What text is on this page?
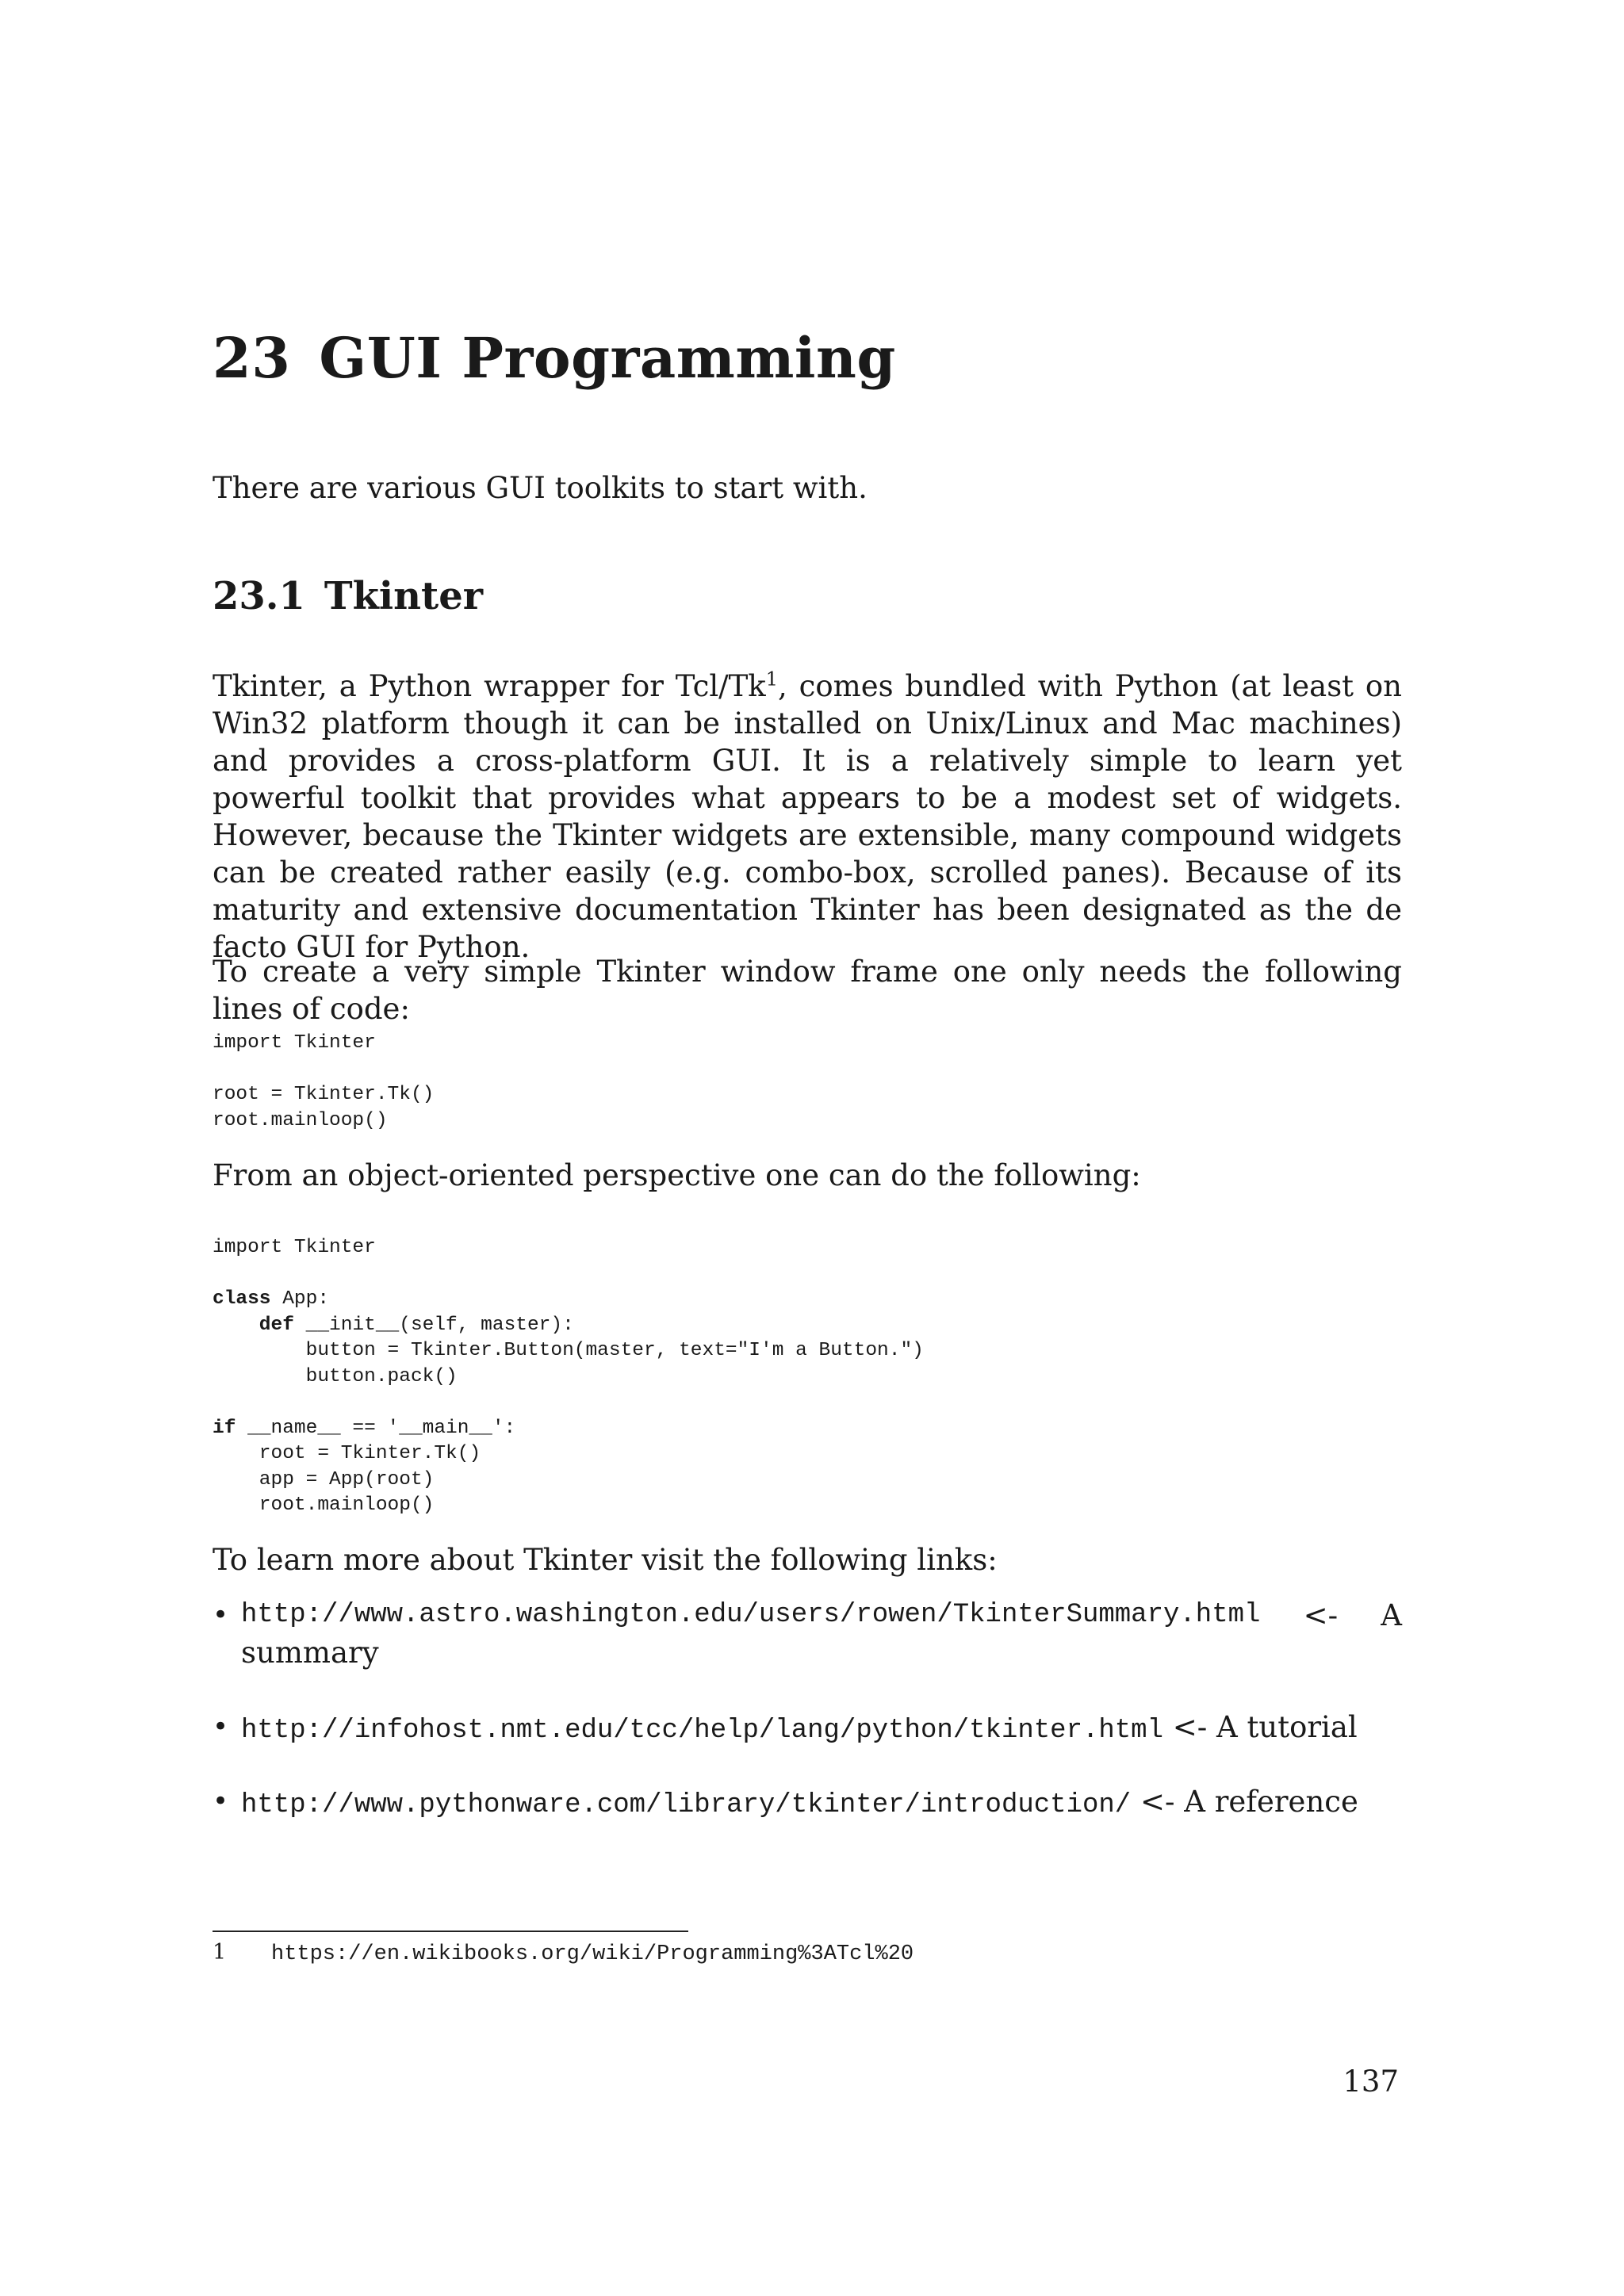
23 GUI Programming
There are various GUI toolkits to start with.
23.1 Tkinter
Tkinter, a Python wrapper for Tcl/Tk$^1$, comes bundled with Python (at least on Win32 platform though it can be installed on Unix/Linux and Mac machines) and provides a cross-platform GUI. It is a relatively simple to learn yet powerful toolkit that provides what appears to be a modest set of widgets. However, because the Tkinter widgets are extensible, many compound widgets can be created rather easily (e.g. combo-box, scrolled panes). Because of its maturity and extensive documentation Tkinter has been designated as the de facto GUI for Python.
To create a very simple Tkinter window frame one only needs the following lines of code:
import Tkinter

root = Tkinter.Tk()
root.mainloop()
From an object-oriented perspective one can do the following:
import Tkinter

class App:
def __init__(self, master):
button = Tkinter.Button(master, text="I'm a Button.")
button.pack()

if __name__ == '__main__':
root = Tkinter.Tk()
app = App(root)
root.mainloop()
To learn more about Tkinter visit the following links:
• http://www.astro.washington.edu/users/rowen/TkinterSummary.html <- A
summary
• http://infohost.nmt.edu/tcc/help/lang/python/tkinter.html <- A tutorial
• http://www.pythonware.com/library/tkinter/introduction/ <- A reference
1 https://en.wikibooks.org/wiki/Programming%3ATcl%20
137
